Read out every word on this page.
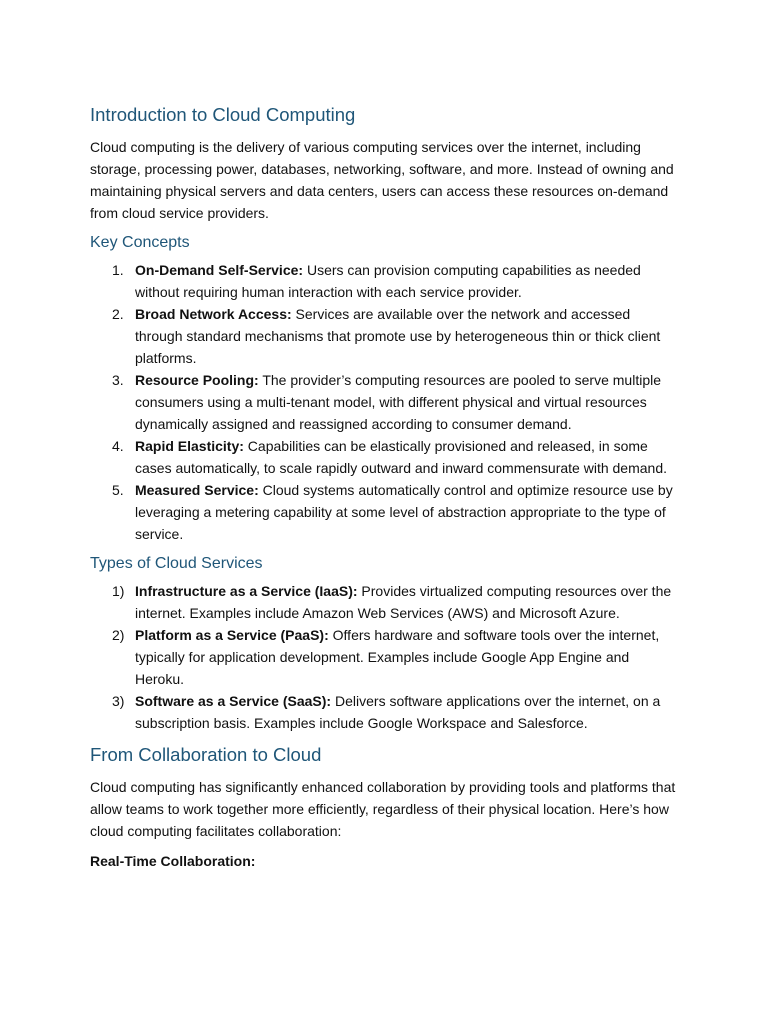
Introduction to Cloud Computing

Cloud computing is the delivery of various computing services over the internet, including storage, processing power, databases, networking, software, and more. Instead of owning and maintaining physical servers and data centers, users can access these resources on-demand from cloud service providers.

Key Concepts
1. On-Demand Self-Service: Users can provision computing capabilities as needed without requiring human interaction with each service provider.
2. Broad Network Access: Services are available over the network and accessed through standard mechanisms that promote use by heterogeneous thin or thick client platforms.
3. Resource Pooling: The provider’s computing resources are pooled to serve multiple consumers using a multi-tenant model, with different physical and virtual resources dynamically assigned and reassigned according to consumer demand.
4. Rapid Elasticity: Capabilities can be elastically provisioned and released, in some cases automatically, to scale rapidly outward and inward commensurate with demand.
5. Measured Service: Cloud systems automatically control and optimize resource use by leveraging a metering capability at some level of abstraction appropriate to the type of service.
Types of Cloud Services
1) Infrastructure as a Service (IaaS): Provides virtualized computing resources over the internet. Examples include Amazon Web Services (AWS) and Microsoft Azure.
2) Platform as a Service (PaaS): Offers hardware and software tools over the internet, typically for application development. Examples include Google App Engine and Heroku.
3) Software as a Service (SaaS): Delivers software applications over the internet, on a subscription basis. Examples include Google Workspace and Salesforce.
From Collaboration to Cloud

Cloud computing has significantly enhanced collaboration by providing tools and platforms that allow teams to work together more efficiently, regardless of their physical location. Here’s how cloud computing facilitates collaboration:

Real-Time Collaboration:
